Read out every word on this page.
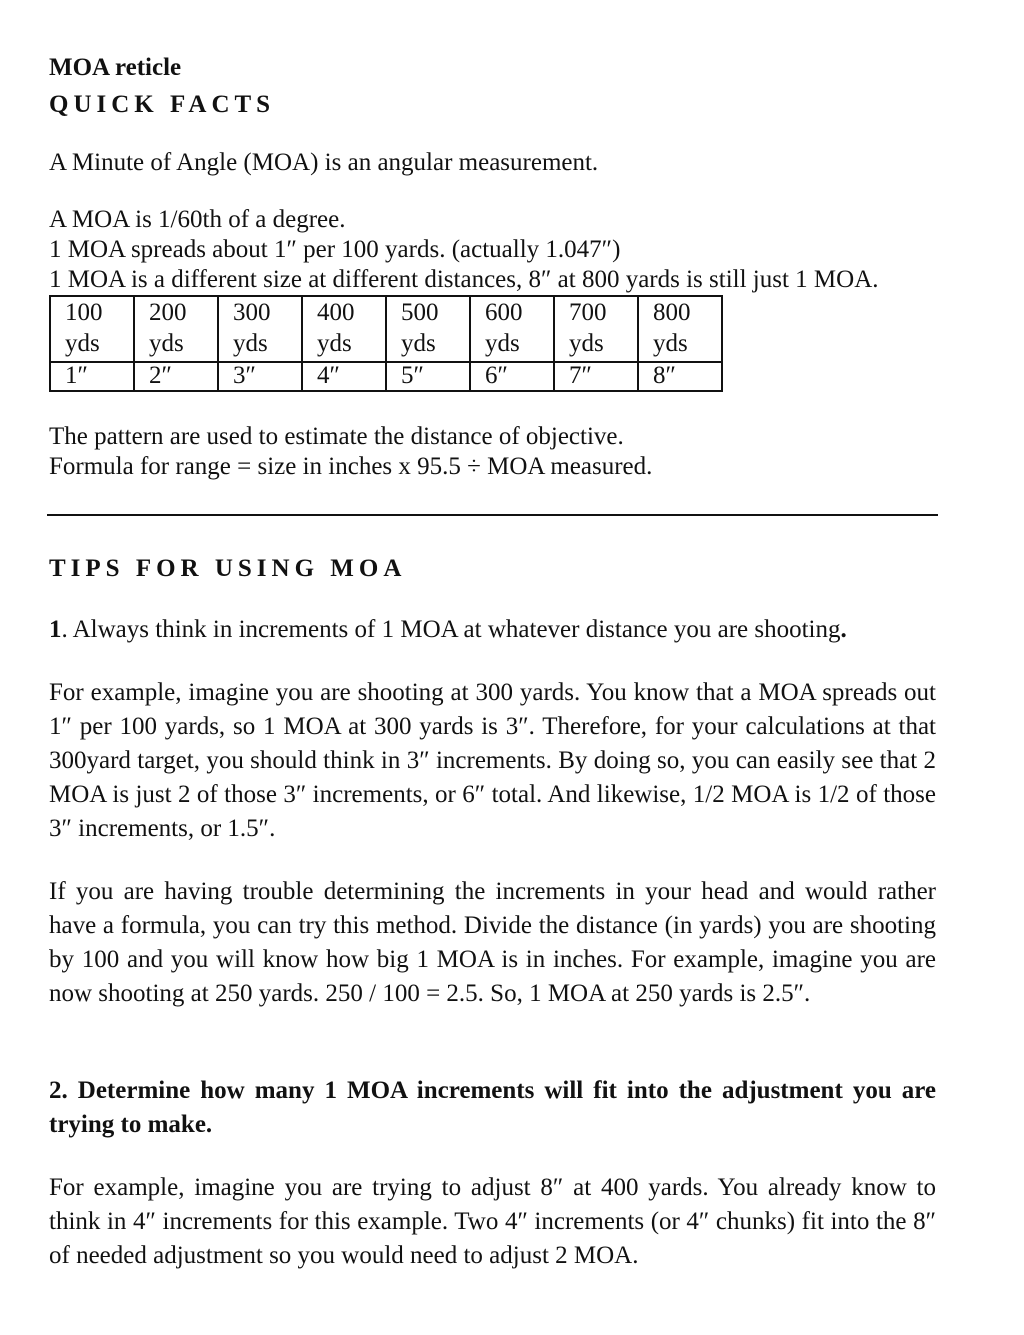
MOA reticle
QUICK FACTS
A Minute of Angle (MOA) is an angular measurement.
A MOA is 1/60th of a degree.
1 MOA spreads about 1″ per 100 yards. (actually 1.047″)
1 MOA is a different size at different distances, 8″ at 800 yards is still just 1 MOA.
100 yds	200 yds	300 yds	400 yds	500 yds	600 yds	700 yds	800 yds
1″	2″	3″	4″	5″	6″	7″	8″
The pattern are used to estimate the distance of objective.
Formula for range = size in inches x 95.5 ÷ MOA measured.
TIPS FOR USING MOA
1. Always think in increments of 1 MOA at whatever distance you are shooting.
For example, imagine you are shooting at 300 yards. You know that a MOA spreads out 1″ per 100 yards, so 1 MOA at 300 yards is 3″. Therefore, for your calculations at that 300yard target, you should think in 3″ increments. By doing so, you can easily see that 2 MOA is just 2 of those 3″ increments, or 6″ total. And likewise, 1/2 MOA is 1/2 of those 3″ increments, or 1.5″.
If you are having trouble determining the increments in your head and would rather have a formula, you can try this method. Divide the distance (in yards) you are shooting by 100 and you will know how big 1 MOA is in inches. For example, imagine you are now shooting at 250 yards. 250 / 100 = 2.5. So, 1 MOA at 250 yards is 2.5″.
2. Determine how many 1 MOA increments will fit into the adjustment you are trying to make.
For example, imagine you are trying to adjust 8″ at 400 yards. You already know to think in 4″ increments for this example. Two 4″ increments (or 4″ chunks) fit into the 8″ of needed adjustment so you would need to adjust 2 MOA.
